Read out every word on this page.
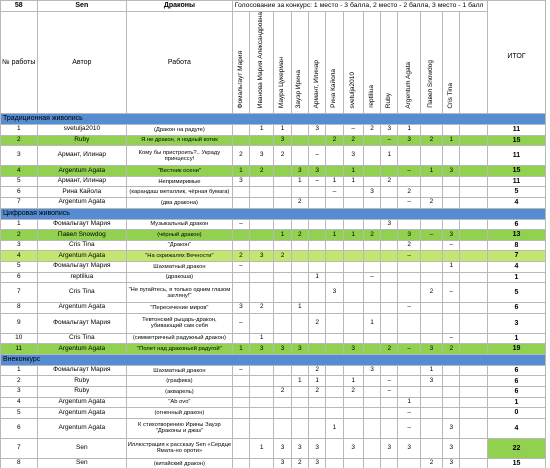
58	Sen	Драконы	Голосование за конкурс: 1 место - 3 балла, 2 место - 2 балла, 3 место - 1 балл													ИТОГ
№ работы	Автор	Работа	Фомальгаут Мария	Иванова Мария Александровна	Маура Цукерман	Зауэр Ирина	Армант, Илинар	Рина Кайола	svetulja2010	reptiliua	Ruby	Argentum Agata	Павел Snowdog	Cris Tina		
Традиционная живопись																
1	svetulja2010	(Дракон на радуге)		1	1		3		–	2	3	1				11
2	Ruby	Я не дракон, я нодный котик			3			2	2		–	3	2	1		15
3	Армант, Илинар	Кому бы пристроить?.. Украду принцессу!	2	3	2		–		3		1					11
4	Argentum Agata	"Вестник осени"	1	2		3	3		1			–	1	3		15
5	Армант, Илинар	Непримиримые	3			1	–	1	1		2					11
6	Рина Кайола	(карандаш металлик, чёрная бумага)						–		3		2				5
7	Argentum Agata	(два дракона)				2						–	2			4
Цифровая живопись																
1	Фомальгаут Мария	Музыкальный дракон	–								3					6
2	Павел Snowdog	(чёрный дракон)			1	2		1	1	2		3	–	3		13
3	Cris Tina	"Дракон"										2		–		8
4	Argentum Agata	"На скрижалях Вечности"	2	3	2							–				7
5	Фомальгаут Мария	Шахматный дракон	–											1		4
6	reptiliua	(дракоша)					1			–						1
7	Cris Tina	"Не пугайтесь, я только одним глазом загляну!"						3					2	–		5
8	Argentum Agata	"Пересечение миров"	3	2		1						–				6
9	Фомальгаут Мария	Тевтонский рыцарь-дракон, убивающий сам себя	–				2			1						3
10	Cris Tina	(симметричный радужный дракон)		1										–		1
11	Argentum Agata	"Полет над драконьей радугой"	1	3	3	3			3		2	–	3	2		19
Внеконкурс																
1	Фомальгаут Мария	Шахматный дракон	–				2			3			1			6
2	Ruby	(графика)				1	1		1		–		3			6
3	Ruby	(акварель)			2		2		2		–					6
4	Argentum Agata	"Ab ovo"										1				1
5	Argentum Agata	(огненный дракон)										–				0
6	Argentum Agata	К стихотворению Ирины Зауэр "Драконы и джаз"						1				–		3		4
7	Sen	Иллюстрация к рассказу Sen «Сердце Ямата-но ороти»		1	3	3	3		3		3	3		3		22
8	Sen	(китайский дракон)			3	2	3						2	3		15
